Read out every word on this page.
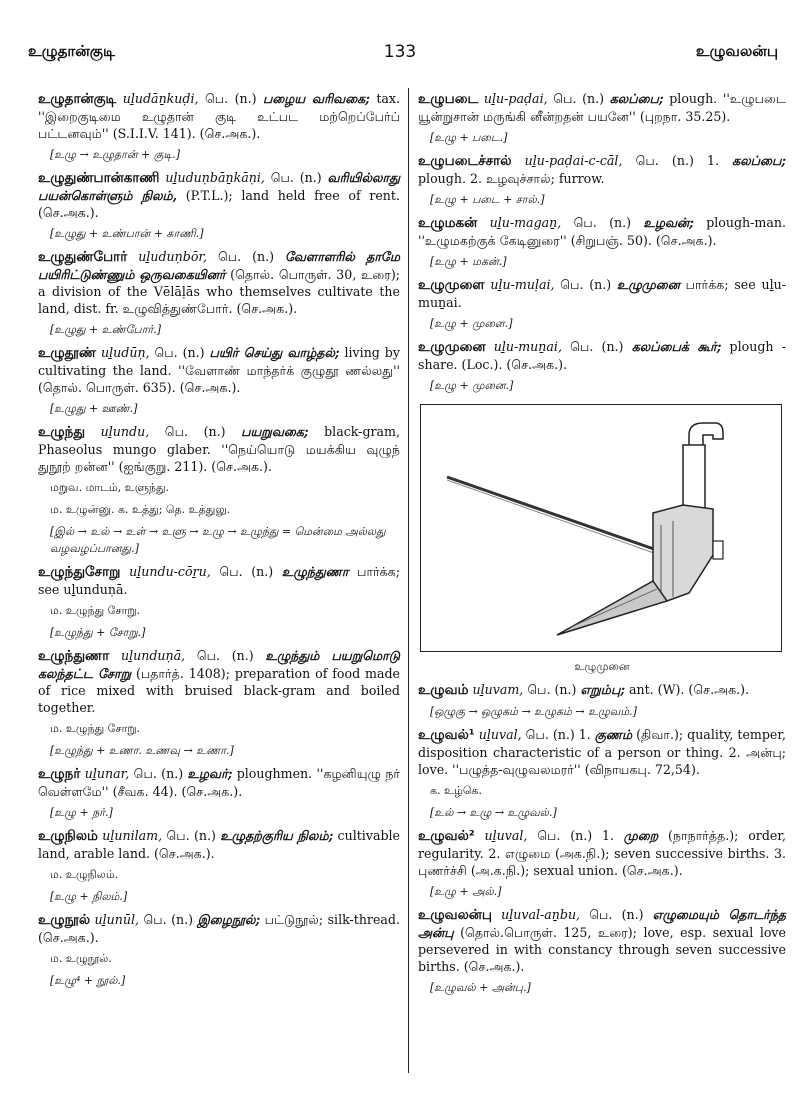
உழுதான்குடி	133	உழுவலன்பு
உழுதான்குடி uḻudāṉkuḍi, பெ. (n.) பழைய வரிவகை; tax. ''இறைகுடிமை உழுதான் குடி உட்பட மற்றெப்பேர்ப் பட்டனவும்'' (S.I.I.V. 141). (செ.அக.).
[உழு → உழுதான் + குடி.]
உழுதுண்பான்காணி uḻuduṇbāṉkāṇi, பெ. (n.) வரியில்லாது பயன்கொள்ளும் நிலம், (P.T.L.); land held free of rent. (செ.அக.).
[உழுது + உண்பான் + காணி.]
உழுதுண்போர் uḻuduṇbōr, பெ. (n.) வேளாளரில் தாமே பயிரிட்டுண்ணும் ஒருவகையினர் (தொல். பொருள். 30, உரை); a division of the Vēlāḷās who themselves cultivate the land, dist. fr. உழுவித்துண்போர். (செ.அக.).
[உழுது + உண்போர்.]
உழுதூண் uḻudūṇ, பெ. (n.) பயிர் செய்து வாழ்தல்; living by cultivating the land. ''வேளாண் மாந்தர்க் குழுதூ ணல்லது'' (தொல். பொருள். 635). (செ.அக.).
[உழுது + ஊண்.]
உழுந்து uḻundu, பெ. (n.) பயறுவகை; black-gram, Phaseolus mungo glaber. ''நெய்யொடு மயக்கிய வுழுந் துநூற் றன்ன'' (ஐங்குறு. 211). (செ.அக.).
மறுவ. மாடம், உளுந்து.
ம. உழுன்னு. க. உத்து; தெ. உத்துலு.
[இல் → உல் → உள் → உளு → உழு → உழுந்து = மென்மை அல்லது வழவழப்பானது.]
உழுந்துசோறு uḻundu-cōṟu, பெ. (n.) உழுந்துணா பார்க்க; see uḻunduṇā.
ம. உழுந்து சோறு.
[உழுந்து + சோறு.]
உழுந்துணா uḻunduṇā, பெ. (n.) உழுந்தும் பயறுமொடு கலந்தட்ட சோறு (பதார்த். 1408); preparation of food made of rice mixed with bruised black-gram and boiled together.
ம. உழுந்து சோறு.
[உழுந்து + உணா. உணவு → உணா.]
உழுநர் uḻunar, பெ. (n.) உழவர்; ploughmen. ''கழனியுழு நர் வெள்ளமே'' (சீவக. 44). (செ.அக.).
[உழு + நர்.]
உழுநிலம் uḻunilam, பெ. (n.) உழுதற்குரிய நிலம்; cultivable land, arable land. (செ.அக.).
ம. உழுநிலம்.
[உழு + நிலம்.]
உழுநூல் uḻunūl, பெ. (n.) இழைநூல்; பட்டுநூல்; silk-thread. (செ.அக.).
ம. உழுநூல்.
[உழு⁴ + நூல்.]
உழுபடை uḻu-paḍai, பெ. (n.) கலப்பை; plough. ''உழுபடை யூன்றுசான் மருங்கி னீன்றதன் பயனே'' (புறநா. 35.25).
[உழு + படை.]
உழுபடைச்சால் uḻu-paḍai-c-cāl, பெ. (n.) 1. கலப்பை; plough. 2. உழவுச்சால்; furrow.
[உழு + படை + சால்.]
உழுமகன் uḻu-magaṉ, பெ. (n.) உழவன்; plough-man. ''உழுமகற்குக் கேடினுரை'' (சிறுபஞ். 50). (செ.அக.).
[உழு + மகன்.]
உழுமுளை uḻu-muḷai, பெ. (n.) உழுமுனை பார்க்க; see uḻu-muṉai.
[உழு + முளை.]
உழுமுனை uḻu-muṉai, பெ. (n.) கலப்பைக் கூர்; plough - share. (Loc.). (செ.அக.).
[உழு + முனை.]
உழுமுனை
உழுவம் uḻuvam, பெ. (n.) எறும்பு; ant. (W). (செ.அக.).
[ஒழுகு → ஒழுகம் → உழுகம் → உழுவம்.]
உழுவல்¹ uḻuval, பெ. (n.) 1. குணம் (திவா.); quality, temper, disposition characteristic of a person or thing. 2. அன்பு; love. ''பழுத்த-வுழுவலமரர்'' (விநாயகபு. 72,54).
க. உழ்கெ.
[உல் → உழு → உழுவல்.]
உழுவல்² uḻuval, பெ. (n.) 1. முறை (நாநார்த்த.); order, regularity. 2. எழுமை (அக.நி.); seven successive births. 3. புணர்ச்சி (அ.க.நி.); sexual union. (செ.அக.).
[உழு + அல்.]
உழுவலன்பு uḻuval-aṉbu, பெ. (n.) எழுமையும் தொடர்ந்த அன்பு (தொல்.பொருள். 125, உரை); love, esp. sexual love persevered in with constancy through seven successive births. (செ.அக.).
[உழுவல் + அன்பு.]
